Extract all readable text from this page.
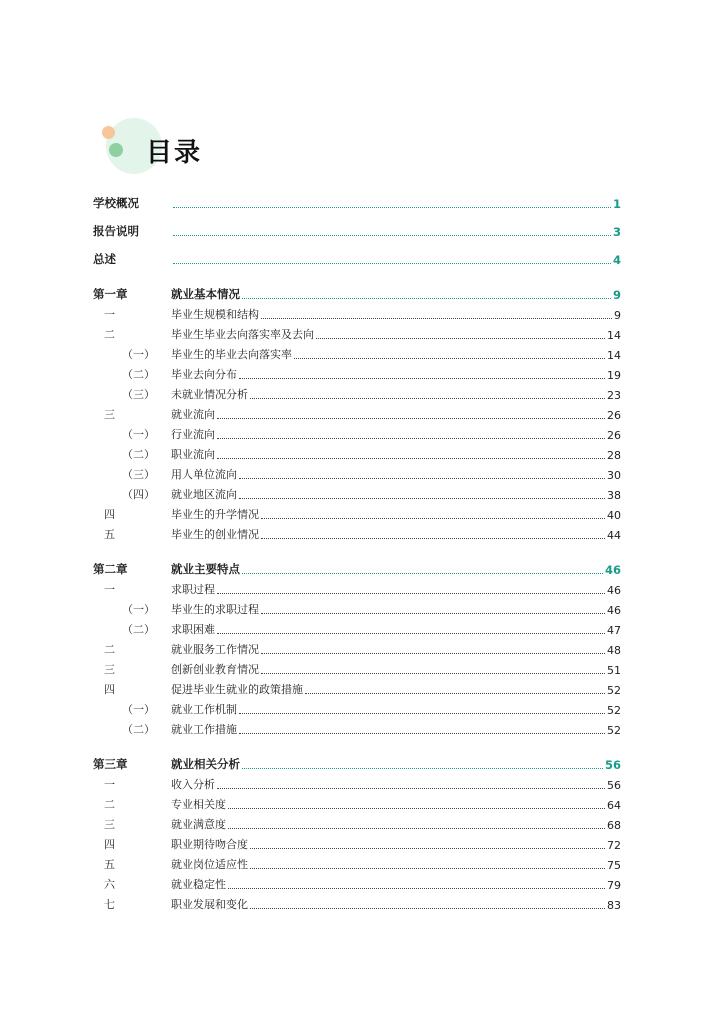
目录
学校概况	1
报告说明	3
总述	4
第一章	就业基本情况	9
一	毕业生规模和结构	9
二	毕业生毕业去向落实率及去向	14
（一）	毕业生的毕业去向落实率	14
（二）	毕业去向分布	19
（三）	未就业情况分析	23
三	就业流向	26
（一）	行业流向	26
（二）	职业流向	28
（三）	用人单位流向	30
（四）	就业地区流向	38
四	毕业生的升学情况	40
五	毕业生的创业情况	44
第二章	就业主要特点	46
一	求职过程	46
（一）	毕业生的求职过程	46
（二）	求职困难	47
二	就业服务工作情况	48
三	创新创业教育情况	51
四	促进毕业生就业的政策措施	52
（一）	就业工作机制	52
（二）	就业工作措施	52
第三章	就业相关分析	56
一	收入分析	56
二	专业相关度	64
三	就业满意度	68
四	职业期待吻合度	72
五	就业岗位适应性	75
六	就业稳定性	79
七	职业发展和变化	83
